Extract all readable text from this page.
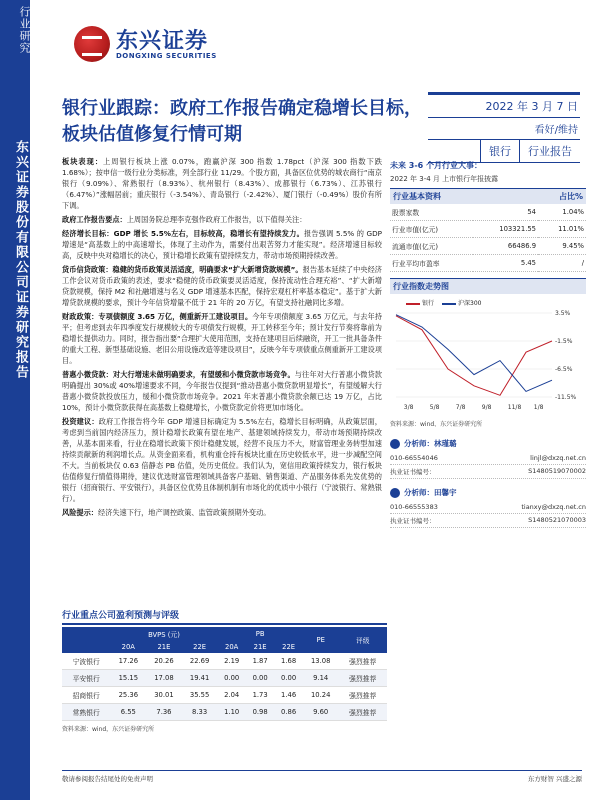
行业研究
东兴证券股份有限公司证券研究报告
东兴证券
DONGXING SECURITIES
银行业跟踪：政府工作报告确定稳增长目标，板块估值修复行情可期
2022 年 3 月 7 日
看好/维持
银行	行业报告

板块表现：上周银行板块上涨 0.07%，跑赢沪深 300 指数 1.78pct（沪深 300 指数下跌 1.68%）；按申信一级行业分类标准，列全部行业 11/29。个股方面，具备区位优势的城农商行“南京银行（9.09%）、常熟银行（8.93%）、杭州银行（8.43%）、成都银行（6.73%）、江苏银行（6.47%）”涨幅居前；重庆银行（-3.54%）、青岛银行（-2.42%）、厦门银行（-0.49%）股价有所下调。

政府工作报告要点：上周国务院总理李克强作政府工作报告，以下值得关注：

经济增长目标：GDP 增长 5.5%左右，目标较高，稳增长有望持续发力。报告强调 5.5% 的 GDP 增速是“高基数上的中高速增长，体现了主动作为，需要付出艰苦努力才能实现”。经济增速目标较高，反映中央对稳增长的决心，预计稳增长政策有望持续发力，带动市场预期持续改善。

货币信贷政策：稳健的货币政策灵活适度，明确要求“扩大新增贷款规模”。报告基本延续了中央经济工作会议对货币政策的表述，要求“稳健的货币政策要灵活适度，保持流动性合理充裕”、“扩大新增贷款规模，保持 M2 和社融增速与名义 GDP 增速基本匹配，保持宏观杠杆率基本稳定”。基于扩大新增贷款规模的要求，预计今年信贷增量不低于 21 年的 20 万亿，有望支持社融同比多增。

财政政策：专项债额度 3.65 万亿，侧重新开工建设项目。今年专项债额度 3.65 万亿元，与去年持平；但考虑到去年四季度发行规模较大的专项债发行规模，开工转移至今年；预计发行节奏将靠前为稳增长提供动力。同时，报告指出要“合理扩大使用范围，支持在建项目后续融资，开工一批具备条件的重大工程、新型基础设施、老旧公用设施改造等建设项目”，反映今年专项债重点侧重新开工建设项目。

普惠小微贷款：对大行增速未做明确要求，有望缓和小微贷款市场竞争。与往年对大行普惠小微贷款明确提出 30%或 40%增速要求不同，今年报告仅提到“推动普惠小微贷款明显增长”，有望缓解大行普惠小微贷款投放压力，缓和小微贷款市场竞争。2021 年末普惠小微贷款余额已达 19 万亿，占比 10%，预计小微贷款获得在高基数上稳健增长，小微贷款定价将更加市场化。

投资建议：政府工作报告将今年 GDP 增速目标确定为 5.5%左右，稳增长目标明确，从政策层面，考虑到当前国内经济压力，预计稳增长政策有望在地产、基建领域持续发力，带动市场预期持续改善，从基本面来看，行业在稳增长政策下预计稳健发展，经营不良压力不大，财富管理业务转型加速持续贡献新的利润增长点。从资金面来看，机构重仓持有板块比重在历史较低水平，进一步减配空间不大。当前板块仅 0.63 倍静态 PB 估值，处历史低位。我们认为，宽信用政策持续发力，银行板块估值修复行情值得期待，建议优选财富管理领域具备客户基础、销售渠道、产品服务体系先发优势的银行（招商银行、平安银行），具备区位优势且体制机制有市场化的优质中小银行（宁波银行、常熟银行）。

风险提示：经济失速下行，地产调控政策、监管政策预期外变动。

未来 3-6 个月行业大事：
2022 年 3-4 月 上市银行年报披露
行业基本资料	占比%
股票家数	54	1.04%
行业市值(亿元)	103321.55	11.01%
流通市值(亿元)	66486.9	9.45%
行业平均市盈率	5.45	/
行业指数走势图
银行	沪深300
3.5%
-1.5%
-6.5%
-11.5%
3/8	5/8	7/8	9/8	11/8 1/8
资料来源：wind、东兴证券研究所
分析师：林瑾璐
010-66554046	linjl@dxzq.net.cn
执业证书编号：	S1480519070002
分析师：田馨宇
010-66555383	tianxy@dxzq.net.cn
执业证书编号：	S1480521070003
行业重点公司盈利预测与评级
	BVPS (元)			PB			PE	评级
	20A	21E	22E	20A	21E	22E		
宁波银行	17.26	20.26	22.69	2.19	1.87	1.68	13.08	强烈推荐
平安银行	15.15	17.08	19.41	0.00	0.00	0.00	9.14	强烈推荐
招商银行	25.36	30.01	35.55	2.04	1.73	1.46	10.24	强烈推荐
常熟银行	6.55	7.36	8.33	1.10	0.98	0.86	9.60	强烈推荐
资料来源：wind，东兴证券研究所
敬请参阅报告结尾处的免责声明	东方财智 兴盛之源
